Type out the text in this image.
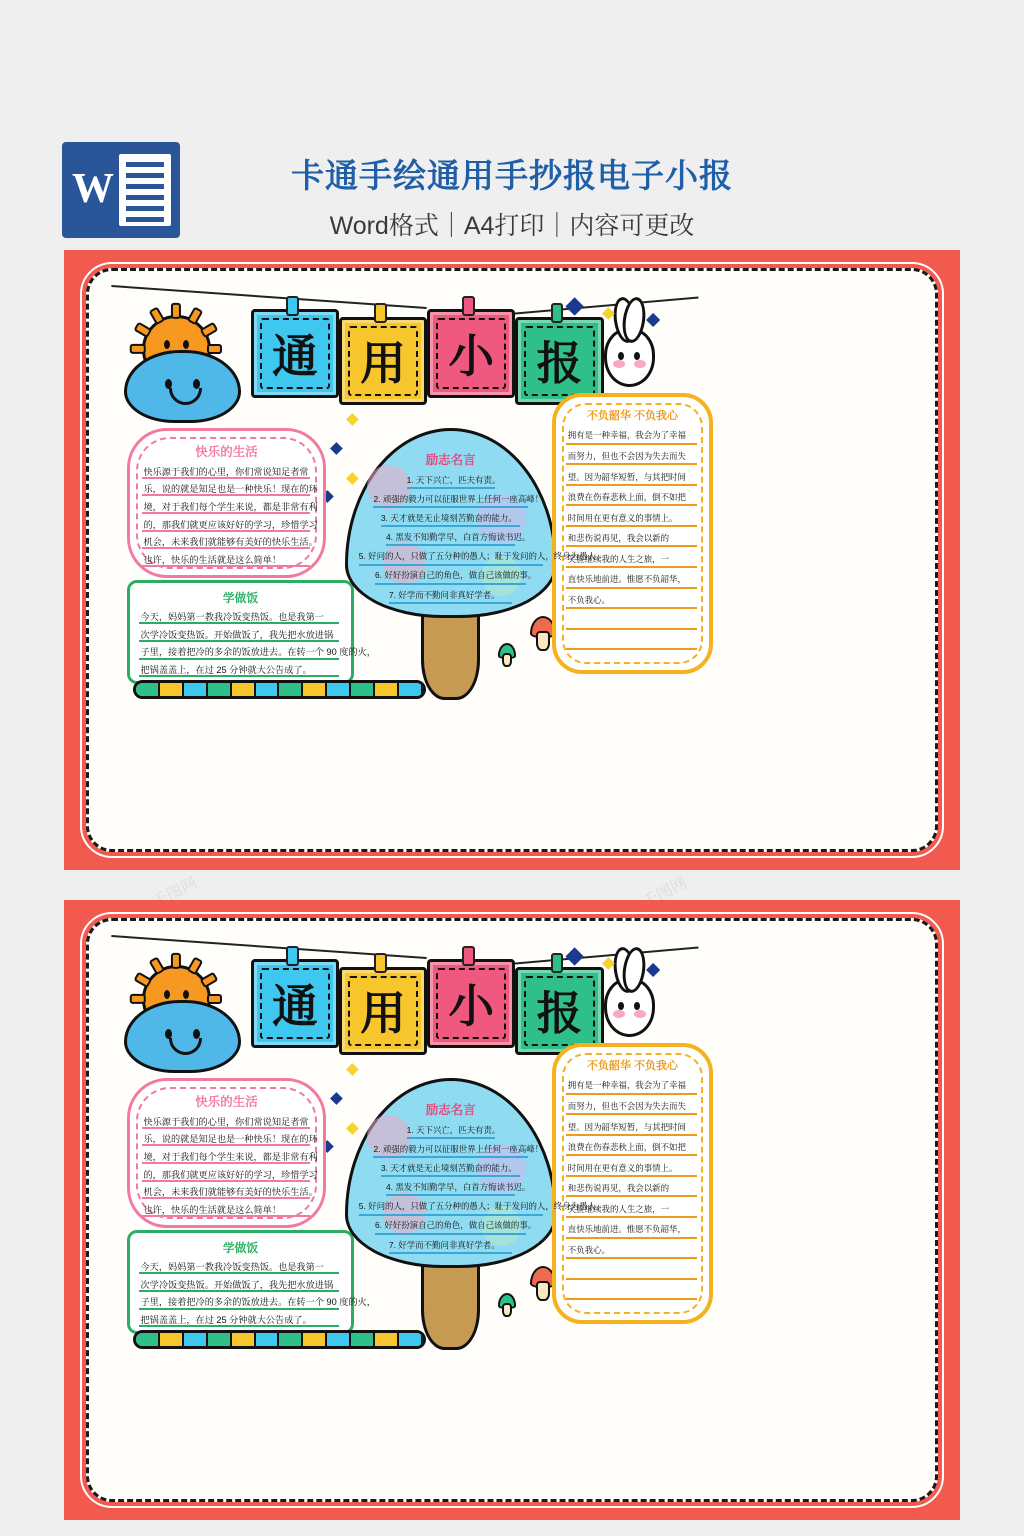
W	卡通手绘通用手抄报电子小报
Word格式｜A4打印｜内容可更改
通 用 小 报
快乐的生活
快乐源于我们的心里，你们常说知足者常
乐，说的就是知足也是一种快乐！现在的环
境，对于我们每个学生来说，都是非常有利
的，那我们就更应该好好的学习，珍惜学习
机会，未来我们就能够有美好的快乐生活。
也许，快乐的生活就是这么简单！
学做饭
今天，妈妈第一教我冷饭变热饭。也是我第一
次学冷饭变热饭。开始做饭了，我先把水放进锅
子里，接着把冷的多余的饭放进去。在转一个 90 度的火，
把锅盖盖上，在过 25 分钟就大公告成了。
励志名言
1. 天下兴亡，匹夫有责。
2. 顽强的毅力可以征服世界上任何一座高峰！
3. 天才就是无止境刻苦勤奋的能力。
4. 黑发不知勤学早，白首方悔读书迟。
5. 好问的人，只做了五分种的愚人；耻于发问的人，终身为愚人。
6. 好好扮演自己的角色，做自己该做的事。
7. 好学而不勤问非真好学者。
不负韶华 不负我心
拥有是一种幸福，我会为了幸福
而努力，但也不会因为失去而失
望。因为韶华短暂，与其把时间
浪费在伤春悲秋上面，倒不如把
时间用在更有意义的事情上。
和悲伤说再见，我会以新的
笑脸继续我的人生之旅，一
直快乐地前进。惟愿不负韶华，
不负我心。
通 用 小 报
快乐的生活
快乐源于我们的心里，你们常说知足者常
乐，说的就是知足也是一种快乐！现在的环
境，对于我们每个学生来说，都是非常有利
的，那我们就更应该好好的学习，珍惜学习
机会，未来我们就能够有美好的快乐生活。
也许，快乐的生活就是这么简单！
学做饭
今天，妈妈第一教我冷饭变热饭。也是我第一
次学冷饭变热饭。开始做饭了，我先把水放进锅
子里，接着把冷的多余的饭放进去。在转一个 90 度的火，
把锅盖盖上，在过 25 分钟就大公告成了。
励志名言
1. 天下兴亡，匹夫有责。
2. 顽强的毅力可以征服世界上任何一座高峰！
3. 天才就是无止境刻苦勤奋的能力。
4. 黑发不知勤学早，白首方悔读书迟。
5. 好问的人，只做了五分种的愚人；耻于发问的人，终身为愚人。
6. 好好扮演自己的角色，做自己该做的事。
7. 好学而不勤问非真好学者。
不负韶华 不负我心
拥有是一种幸福，我会为了幸福
而努力，但也不会因为失去而失
望。因为韶华短暂，与其把时间
浪费在伤春悲秋上面，倒不如把
时间用在更有意义的事情上。
和悲伤说再见，我会以新的
笑脸继续我的人生之旅，一
直快乐地前进。惟愿不负韶华，
不负我心。
千图网	千图网
